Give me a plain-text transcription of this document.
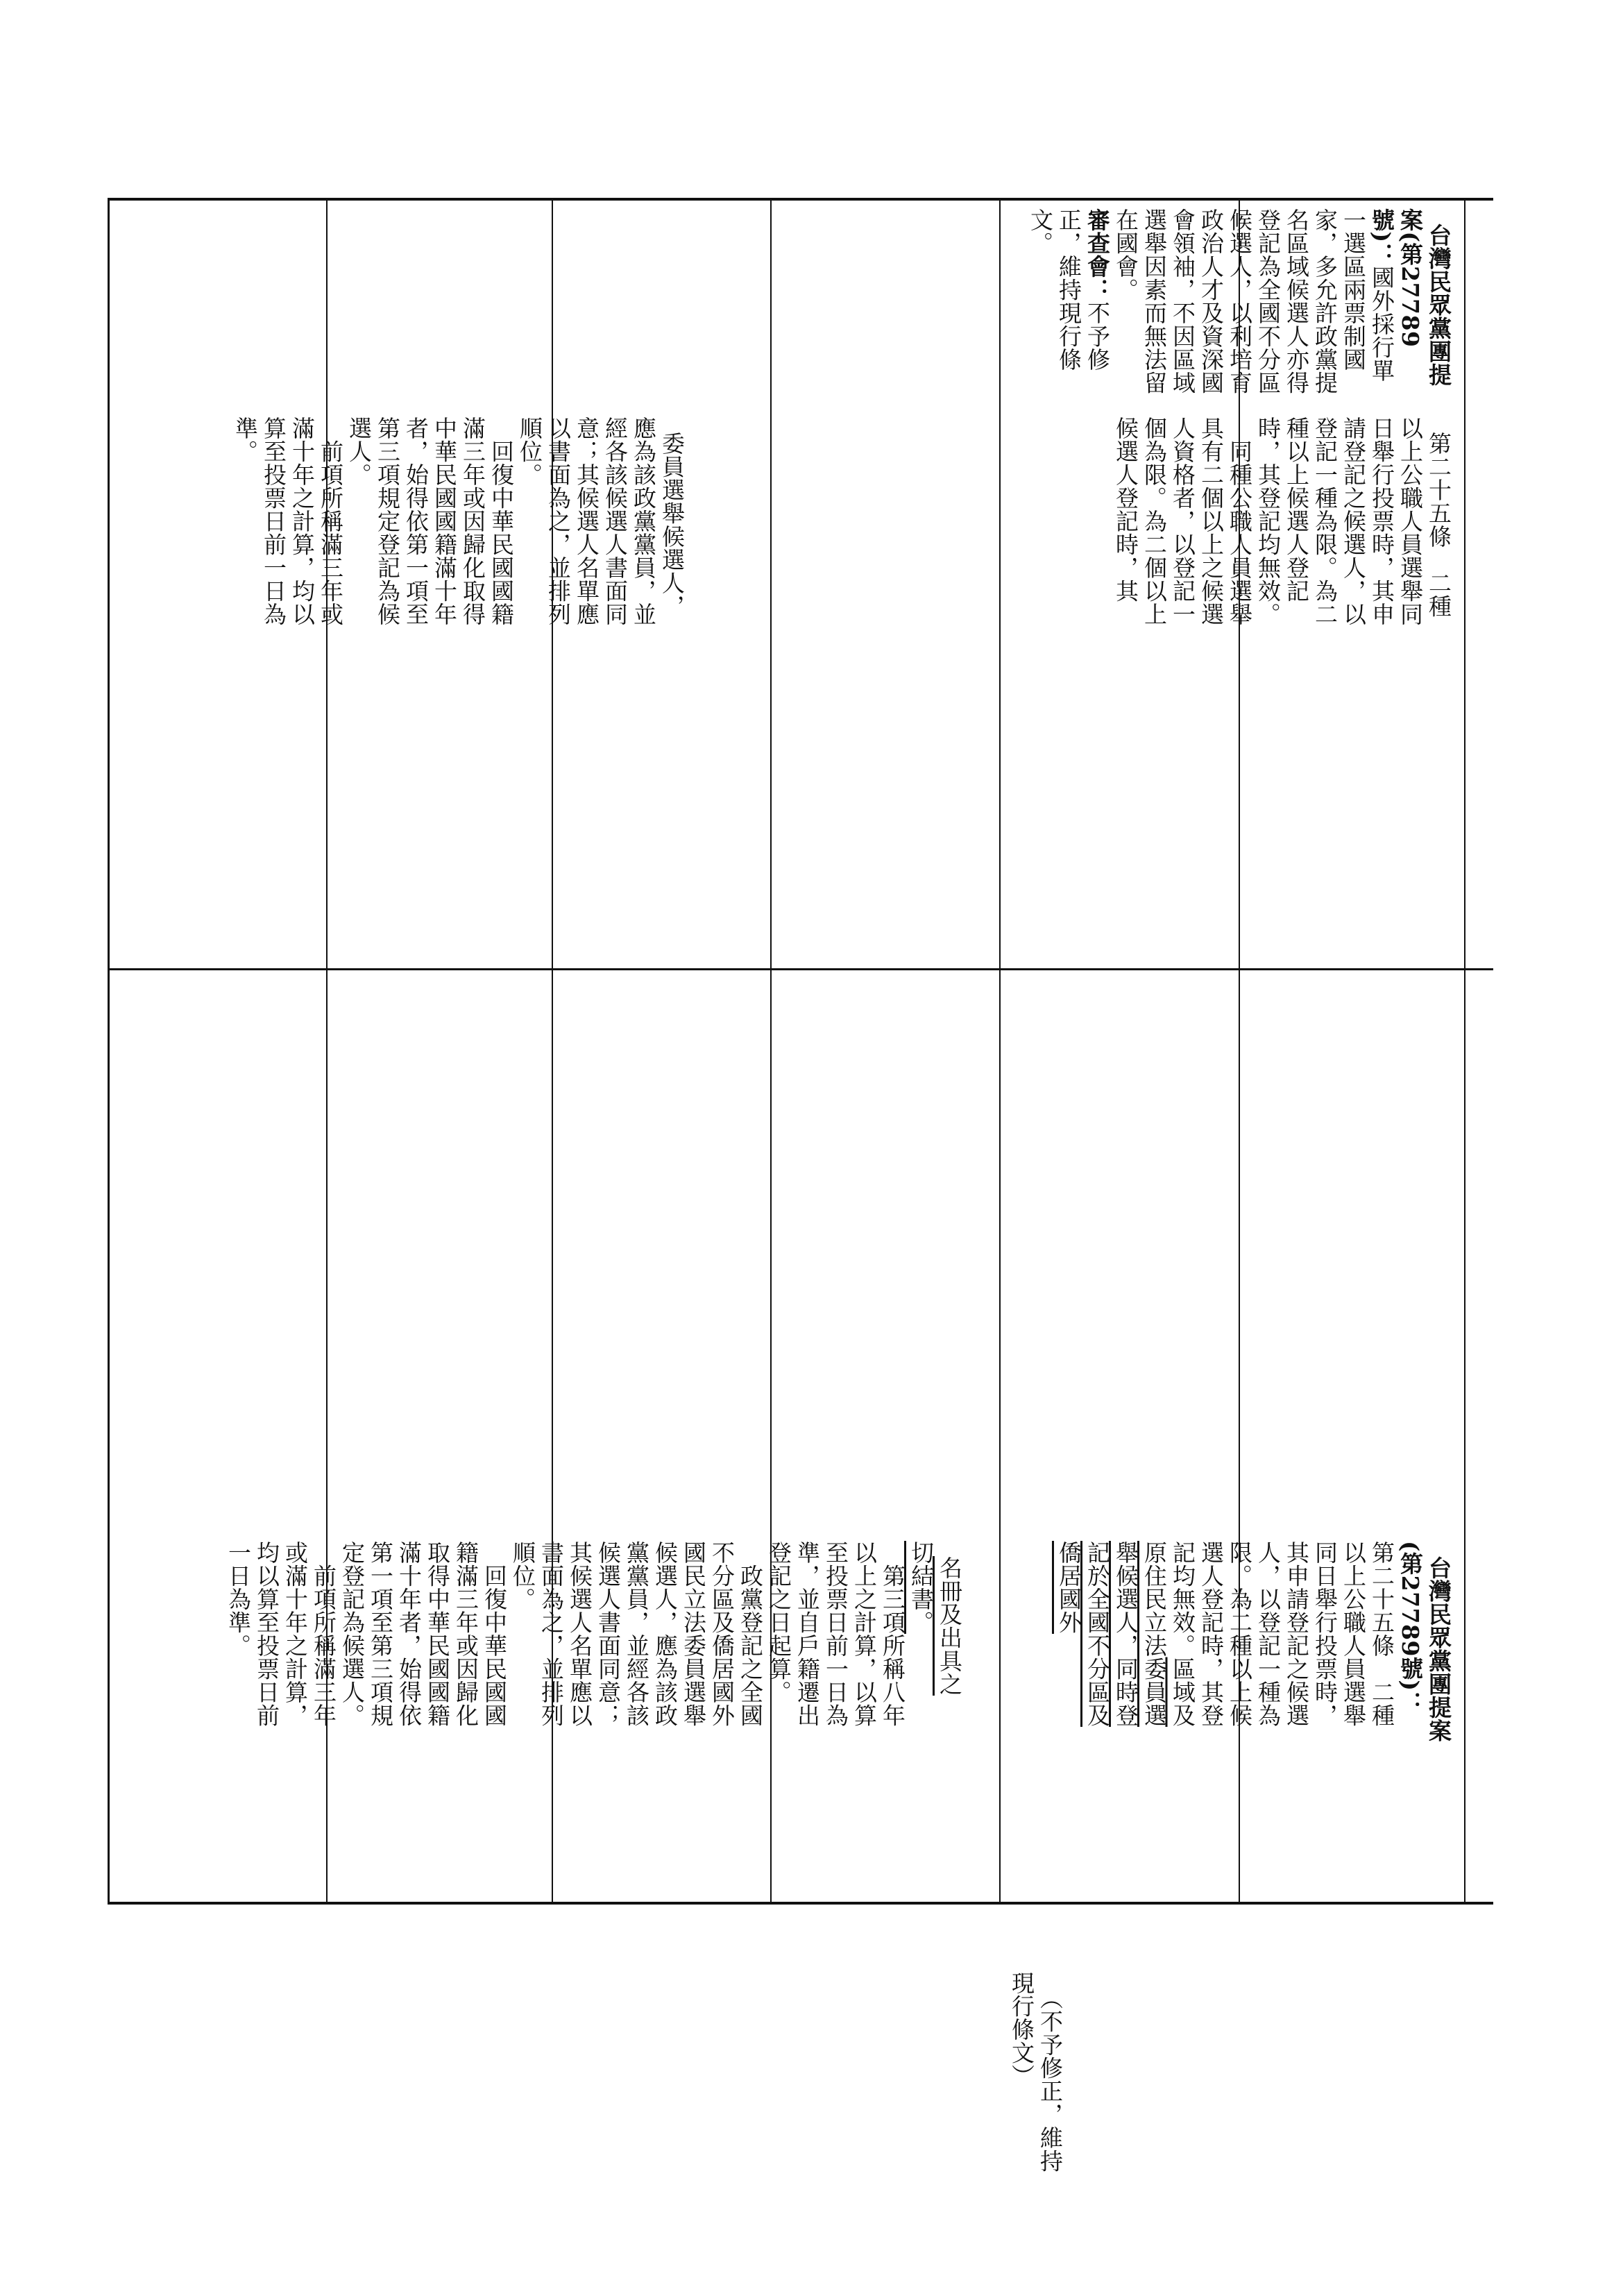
台灣民眾黨團提案(第27789號)：國外採行單一選區兩票制國家，多允許政黨提名區域候選人亦得登記為全國不分區候選人，以利培育政治人才及資深國會領袖，不因區域選舉因素而無法留在國會。
審查會：不予修正，維持現行條文。

第二十五條　二種以上公職人員選舉同日舉行投票時，其申請登記之候選人，以登記一種為限。為二種以上候選人登記時，其登記均無效。
　同種公職人員選舉具有二個以上之候選人資格者，以登記一個為限。為二個以上候選人登記時，其

委員選舉候選人，應為該政黨黨員，並經各該候選人書面同意；其候選人名單應以書面為之，並排列順位。
　回復中華民國國籍滿三年或因歸化取得中華民國國籍滿十年者，始得依第一項至第三項規定登記為候選人。
　前項所稱滿三年或滿十年之計算，均以算至投票日前一日為準。

（不予修正，維持現行條文）

台灣民眾黨團提案(第27789號)：
第二十五條　二種以上公職人員選舉同日舉行投票時，其申請登記之候選人，以登記一種為限。為二種以上候選人登記時，其登記均無效。區域及原住民立法委員選舉候選人，同時登記於全國不分區及僑居國外

名冊及出具之
切結書。
　第三項所稱八年以上之計算，以算至投票日前一日為準，並自戶籍遷出登記之日起算。
　政黨登記之全國不分區及僑居國外國民立法委員選舉候選人，應為該政黨黨員，並經各該候選人書面同意；其候選人名單應以書面為之，並排列順位。
　回復中華民國國籍滿三年或因歸化取得中華民國國籍滿十年者，始得依第一項至第三項規定登記為候選人。
　前項所稱滿三年或滿十年之計算，均以算至投票日前一日為準。
